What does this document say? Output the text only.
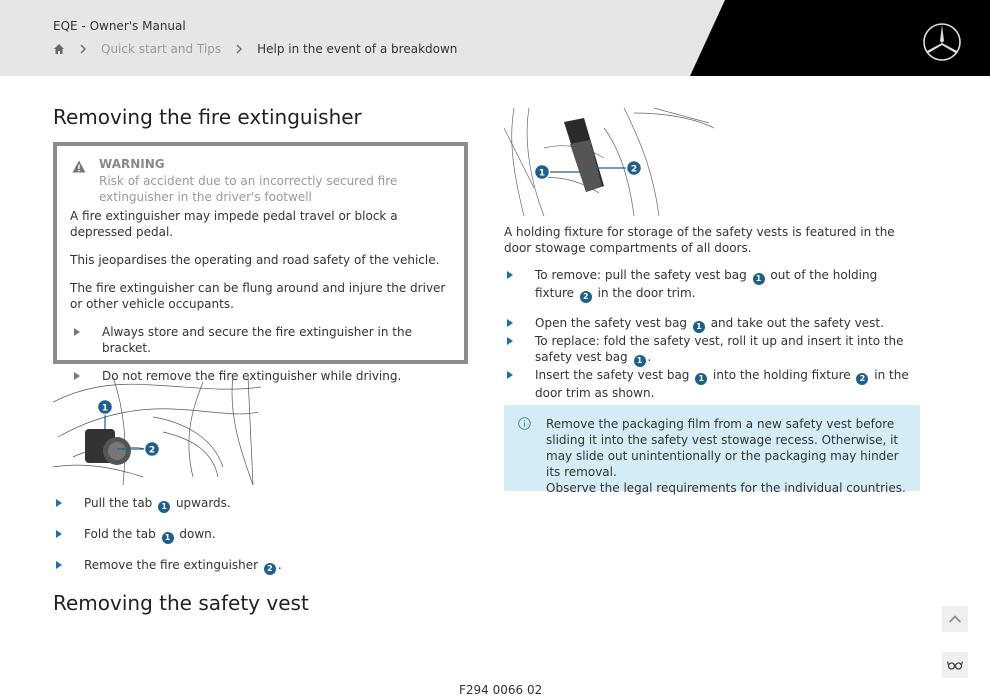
EQE - Owner's Manual
Quick start and Tips	Help in the event of a breakdown
Removing the fire extinguisher
WARNING
Risk of accident due to an incorrectly secured fire extinguisher in the driver's footwell

A fire extinguisher may impede pedal travel or block a depressed pedal.

This jeopardises the operating and road safety of the vehicle.

The fire extinguisher can be flung around and injure the driver or other vehicle occupants.

Always store and secure the fire extinguisher in the bracket.
Do not remove the fire extinguisher while driving.
1
2
Pull the tab 1 upwards.
Fold the tab 1 down.
Remove the fire extinguisher 2 .
Removing the safety vest
1	2
A holding fixture for storage of the safety vests is featured in the door stowage compartments of all doors.
To remove: pull the safety vest bag 1 out of the holding fixture 2 in the door trim.
Open the safety vest bag 1 and take out the safety vest.
To replace: fold the safety vest, roll it up and insert it into the safety vest bag 1 .
Insert the safety vest bag 1 into the holding fixture 2 in the door trim as shown.
Remove the packaging film from a new safety vest before sliding it into the safety vest stowage recess. Otherwise, it may slide out unintentionally or the packaging may hinder its removal.
Observe the legal requirements for the individual countries.
F294 0066 02
